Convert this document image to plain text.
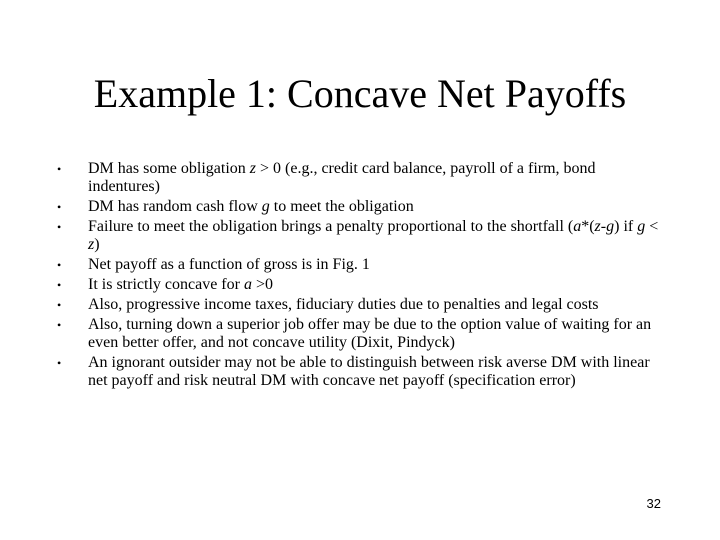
Example 1: Concave Net Payoffs
• DM has some obligation z > 0 (e.g., credit card balance, payroll of a firm, bond indentures)
• DM has random cash flow g to meet the obligation
• Failure to meet the obligation brings a penalty proportional to the shortfall (a*(z-g) if g < z)
• Net payoff as a function of gross is in Fig. 1
• It is strictly concave for a >0
• Also, progressive income taxes, fiduciary duties due to penalties and legal costs
• Also, turning down a superior job offer may be due to the option value of waiting for an even better offer, and not concave utility (Dixit, Pindyck)
• An ignorant outsider may not be able to distinguish between risk averse DM with linear net payoff and risk neutral DM with concave net payoff (specification error)
32
